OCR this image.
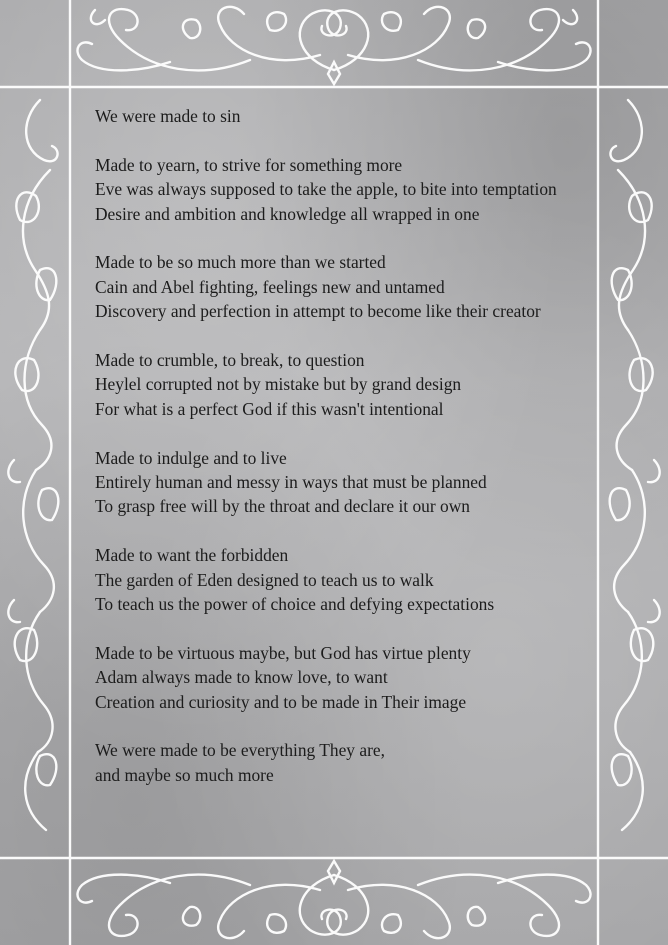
We were made to sin
Made to yearn, to strive for something more
Eve was always supposed to take the apple, to bite into temptation
Desire and ambition and knowledge all wrapped in one
Made to be so much more than we started
Cain and Abel fighting, feelings new and untamed
Discovery and perfection in attempt to become like their creator
Made to crumble, to break, to question
Heylel corrupted not by mistake but by grand design
For what is a perfect God if this wasn't intentional
Made to indulge and to live
Entirely human and messy in ways that must be planned
To grasp free will by the throat and declare it our own
Made to want the forbidden
The garden of Eden designed to teach us to walk
To teach us the power of choice and defying expectations
Made to be virtuous maybe, but God has virtue plenty
Adam always made to know love, to want
Creation and curiosity and to be made in Their image
We were made to be everything They are,
and maybe so much more
